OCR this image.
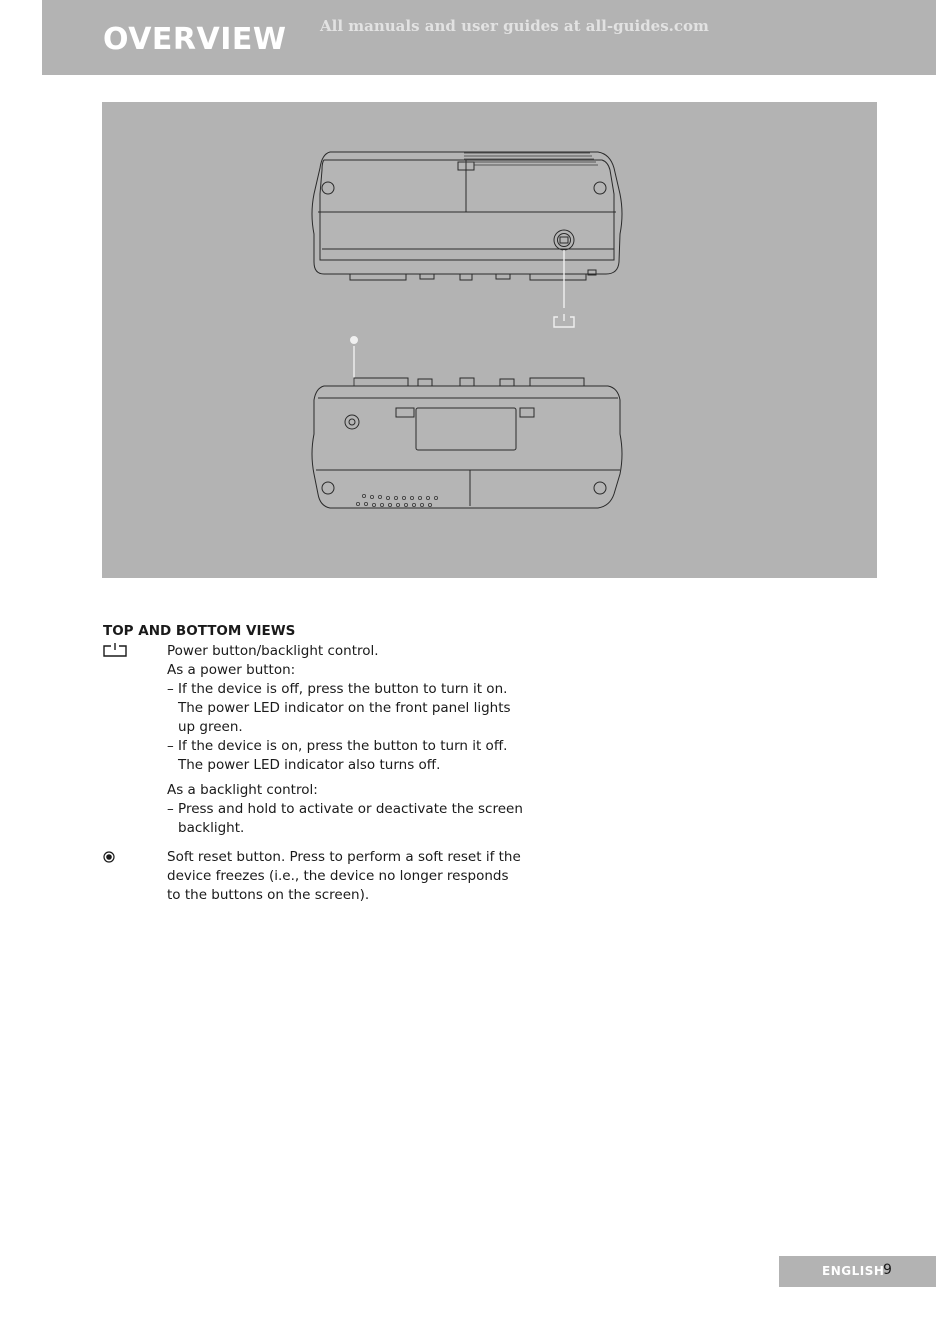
OVERVIEW All manuals and user guides at all-guides.com
TOP AND BOTTOM VIEWS

Power button/backlight control.

As a power button:

– If the device is off, press the button to turn it on. The power LED indicator on the front panel lights up green.

– If the device is on, press the button to turn it off. The power LED indicator also turns off.

As a backlight control:

– Press and hold to activate or deactivate the screen backlight.

Soft reset button. Press to perform a soft reset if the device freezes (i.e., the device no longer responds to the buttons on the screen).

ENGLISH
9
